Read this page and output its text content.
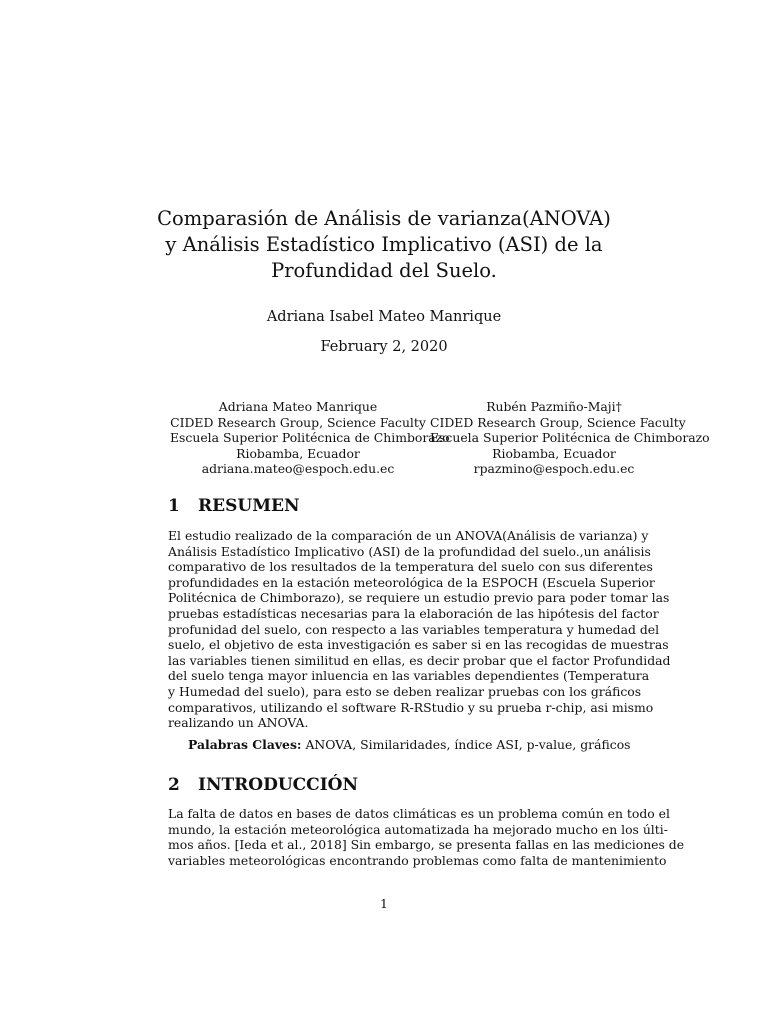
Comparasión de Análisis de varianza(ANOVA)
y Análisis Estadístico Implicativo (ASI) de la
Profundidad del Suelo.
Adriana Isabel Mateo Manrique
February 2, 2020
Adriana Mateo Manrique
CIDED Research Group, Science Faculty
Escuela Superior Politécnica de Chimborazo
Riobamba, Ecuador
adriana.mateo@espoch.edu.ec
Rubén Pazmiño-Maji†
CIDED Research Group, Science Faculty
Escuela Superior Politécnica de Chimborazo
Riobamba, Ecuador
rpazmino@espoch.edu.ec
1 RESUMEN
El estudio realizado de la comparación de un ANOVA(Análisis de varianza) y
Análisis Estadístico Implicativo (ASI) de la profundidad del suelo.,un análisis
comparativo de los resultados de la temperatura del suelo con sus diferentes
profundidades en la estación meteorológica de la ESPOCH (Escuela Superior
Politécnica de Chimborazo), se requiere un estudio previo para poder tomar las
pruebas estadísticas necesarias para la elaboración de las hipótesis del factor
profunidad del suelo, con respecto a las variables temperatura y humedad del
suelo, el objetivo de esta investigación es saber si en las recogidas de muestras
las variables tienen similitud en ellas, es decir probar que el factor Profundidad
del suelo tenga mayor inluencia en las variables dependientes (Temperatura
y Humedad del suelo), para esto se deben realizar pruebas con los gráficos
comparativos, utilizando el software R-RStudio y su prueba r-chip, asi mismo
realizando un ANOVA.
Palabras Claves: ANOVA, Similaridades, índice ASI, p-value, gráficos
2 INTRODUCCIÓN
La falta de datos en bases de datos climáticas es un problema común en todo el
mundo, la estación meteorológica automatizada ha mejorado mucho en los últi-
mos años. [Ieda et al., 2018] Sin embargo, se presenta fallas en las mediciones de
variables meteorológicas encontrando problemas como falta de mantenimiento
1
